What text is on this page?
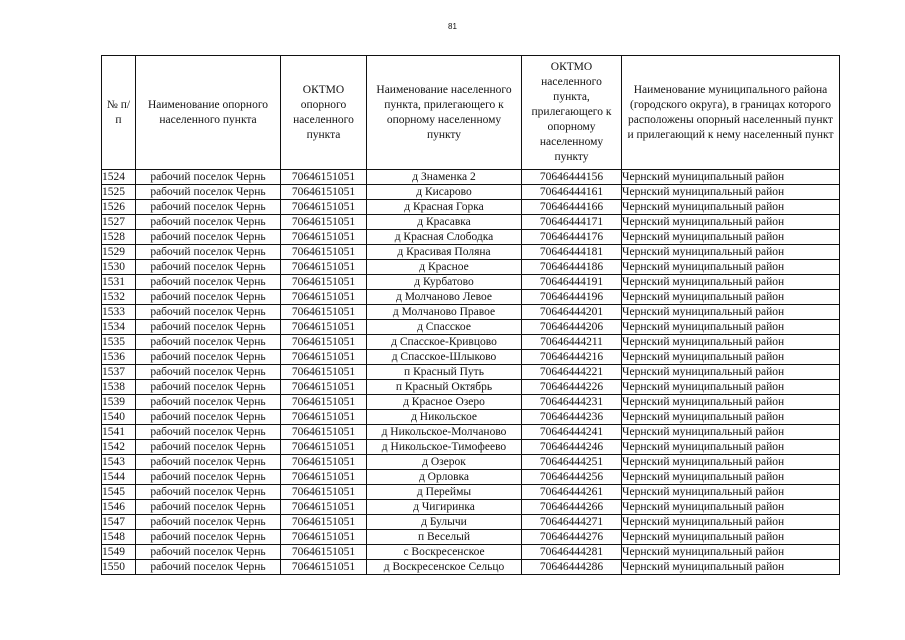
81
№ п/п	Наименование опорного населенного пункта	ОКТМО опорного населенного пункта	Наименование населенного пункта, прилегающего к опорному населенному пункту	ОКТМО населенного пункта, прилегающего к опорному населенному пункту	Наименование муниципального района (городского округа), в границах которого расположены опорный населенный пункт и прилегающий к нему населенный пункт
1524	рабочий поселок Чернь	70646151051	д Знаменка 2	70646444156	Чернский муниципальный район
1525	рабочий поселок Чернь	70646151051	д Кисарово	70646444161	Чернский муниципальный район
1526	рабочий поселок Чернь	70646151051	д Красная Горка	70646444166	Чернский муниципальный район
1527	рабочий поселок Чернь	70646151051	д Красавка	70646444171	Чернский муниципальный район
1528	рабочий поселок Чернь	70646151051	д Красная Слободка	70646444176	Чернский муниципальный район
1529	рабочий поселок Чернь	70646151051	д Красивая Поляна	70646444181	Чернский муниципальный район
1530	рабочий поселок Чернь	70646151051	д Красное	70646444186	Чернский муниципальный район
1531	рабочий поселок Чернь	70646151051	д Курбатово	70646444191	Чернский муниципальный район
1532	рабочий поселок Чернь	70646151051	д Молчаново Левое	70646444196	Чернский муниципальный район
1533	рабочий поселок Чернь	70646151051	д Молчаново Правое	70646444201	Чернский муниципальный район
1534	рабочий поселок Чернь	70646151051	д Спасское	70646444206	Чернский муниципальный район
1535	рабочий поселок Чернь	70646151051	д Спасское-Кривцово	70646444211	Чернский муниципальный район
1536	рабочий поселок Чернь	70646151051	д Спасское-Шлыково	70646444216	Чернский муниципальный район
1537	рабочий поселок Чернь	70646151051	п Красный Путь	70646444221	Чернский муниципальный район
1538	рабочий поселок Чернь	70646151051	п Красный Октябрь	70646444226	Чернский муниципальный район
1539	рабочий поселок Чернь	70646151051	д Красное Озеро	70646444231	Чернский муниципальный район
1540	рабочий поселок Чернь	70646151051	д Никольское	70646444236	Чернский муниципальный район
1541	рабочий поселок Чернь	70646151051	д Никольское-Молчаново	70646444241	Чернский муниципальный район
1542	рабочий поселок Чернь	70646151051	д Никольское-Тимофеево	70646444246	Чернский муниципальный район
1543	рабочий поселок Чернь	70646151051	д Озерок	70646444251	Чернский муниципальный район
1544	рабочий поселок Чернь	70646151051	д Орловка	70646444256	Чернский муниципальный район
1545	рабочий поселок Чернь	70646151051	д Переймы	70646444261	Чернский муниципальный район
1546	рабочий поселок Чернь	70646151051	д Чигиринка	70646444266	Чернский муниципальный район
1547	рабочий поселок Чернь	70646151051	д Булычи	70646444271	Чернский муниципальный район
1548	рабочий поселок Чернь	70646151051	п Веселый	70646444276	Чернский муниципальный район
1549	рабочий поселок Чернь	70646151051	с Воскресенское	70646444281	Чернский муниципальный район
1550	рабочий поселок Чернь	70646151051	д Воскресенское Сельцо	70646444286	Чернский муниципальный район
